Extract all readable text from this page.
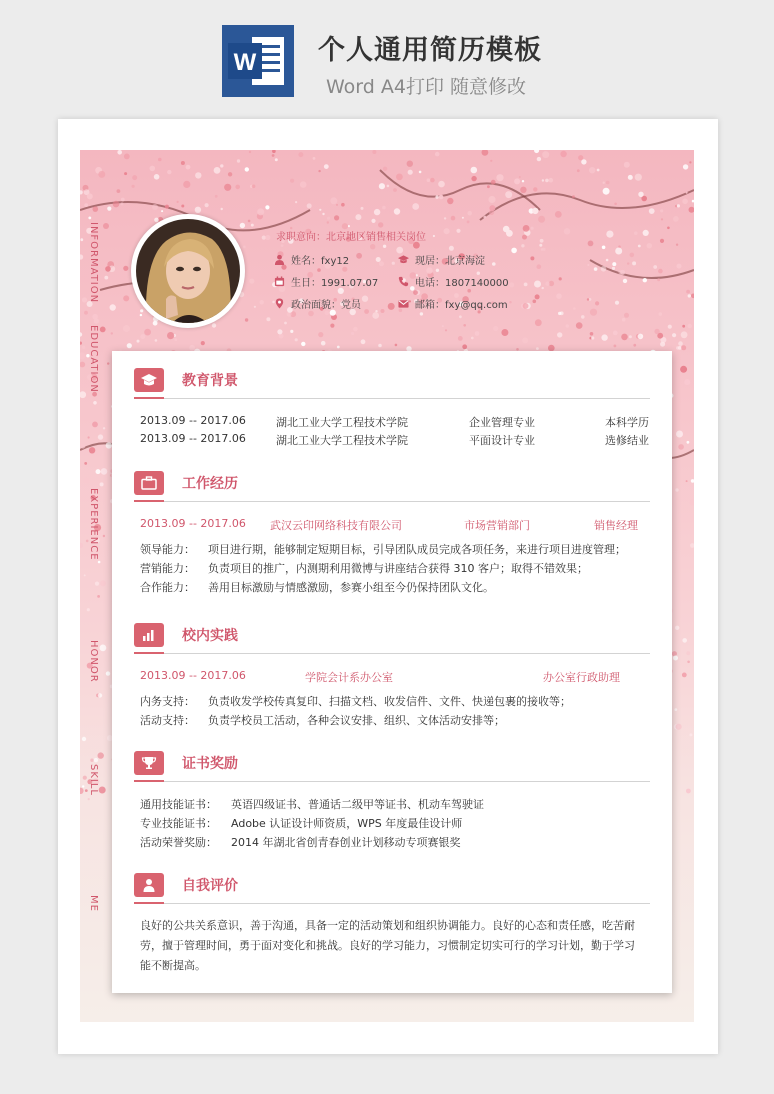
W 个人通用简历模板
Word A4打印 随意修改
INFORMATION
EDUCATION
EXPERIENCE
HONOR
SKILL
ME
求职意向：北京地区销售相关岗位
姓名：fxy12	现居：北京海淀
生日：1991.07.07	电话：1807140000
政治面貌：党员	邮箱：fxy@qq.com
教育背景
2013.09 -- 2017.06	湖北工业大学工程技术学院	企业管理专业	本科学历
2013.09 -- 2017.06	湖北工业大学工程技术学院	平面设计专业	选修结业
工作经历
2013.09 -- 2017.06 武汉云印网络科技有限公司	市场营销部门	销售经理
领导能力： 项目进行期，能够制定短期目标，引导团队成员完成各项任务，来进行项目进度管理；
营销能力： 负责项目的推广，内测期利用微博与讲座结合获得 310 客户；取得不错效果；
合作能力： 善用目标激励与情感激励，参赛小组至今仍保持团队文化。
校内实践
2013.09 -- 2017.06	学院会计系办公室	办公室行政助理
内务支持： 负责收发学校传真复印、扫描文档、收发信件、文件、快递包裹的接收等；
活动支持： 负责学校员工活动，各种会议安排、组织、文体活动安排等；
证书奖励
通用技能证书： 英语四级证书、普通话二级甲等证书、机动车驾驶证
专业技能证书： Adobe 认证设计师资质，WPS 年度最佳设计师
活动荣誉奖励： 2014 年湖北省创青春创业计划移动专项赛银奖
自我评价
良好的公共关系意识，善于沟通，具备一定的活动策划和组织协调能力。良好的心态和责任感，吃苦耐劳，擅于管理时间，勇于面对变化和挑战。良好的学习能力，习惯制定切实可行的学习计划，勤于学习能不断提高。
